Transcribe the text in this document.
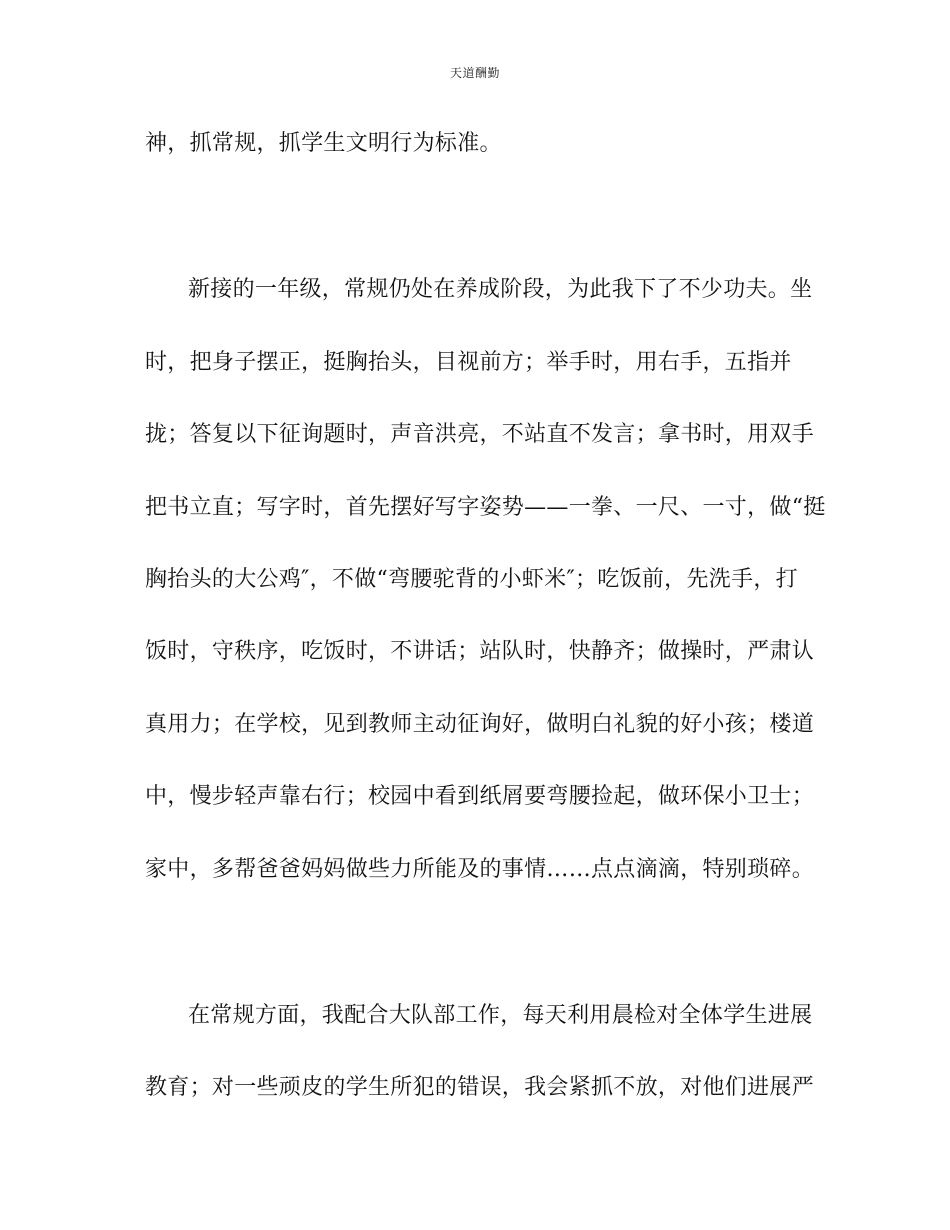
天道酬勤
神，抓常规，抓学生文明行为标准。
新接的一年级，常规仍处在养成阶段，为此我下了不少功夫。坐
时，把身子摆正，挺胸抬头，目视前方；举手时，用右手，五指并
拢；答复以下征询题时，声音洪亮，不站直不发言；拿书时，用双手
把书立直；写字时，首先摆好写字姿势——一拳、一尺、一寸，做“挺
胸抬头的大公鸡″，不做“弯腰驼背的小虾米″；吃饭前，先洗手，打
饭时，守秩序，吃饭时，不讲话；站队时，快静齐；做操时，严肃认
真用力；在学校，见到教师主动征询好，做明白礼貌的好小孩；楼道
中，慢步轻声靠右行；校园中看到纸屑要弯腰捡起，做环保小卫士；
家中，多帮爸爸妈妈做些力所能及的事情……点点滴滴，特别琐碎。
在常规方面，我配合大队部工作，每天利用晨检对全体学生进展
教育；对一些顽皮的学生所犯的错误，我会紧抓不放，对他们进展严
